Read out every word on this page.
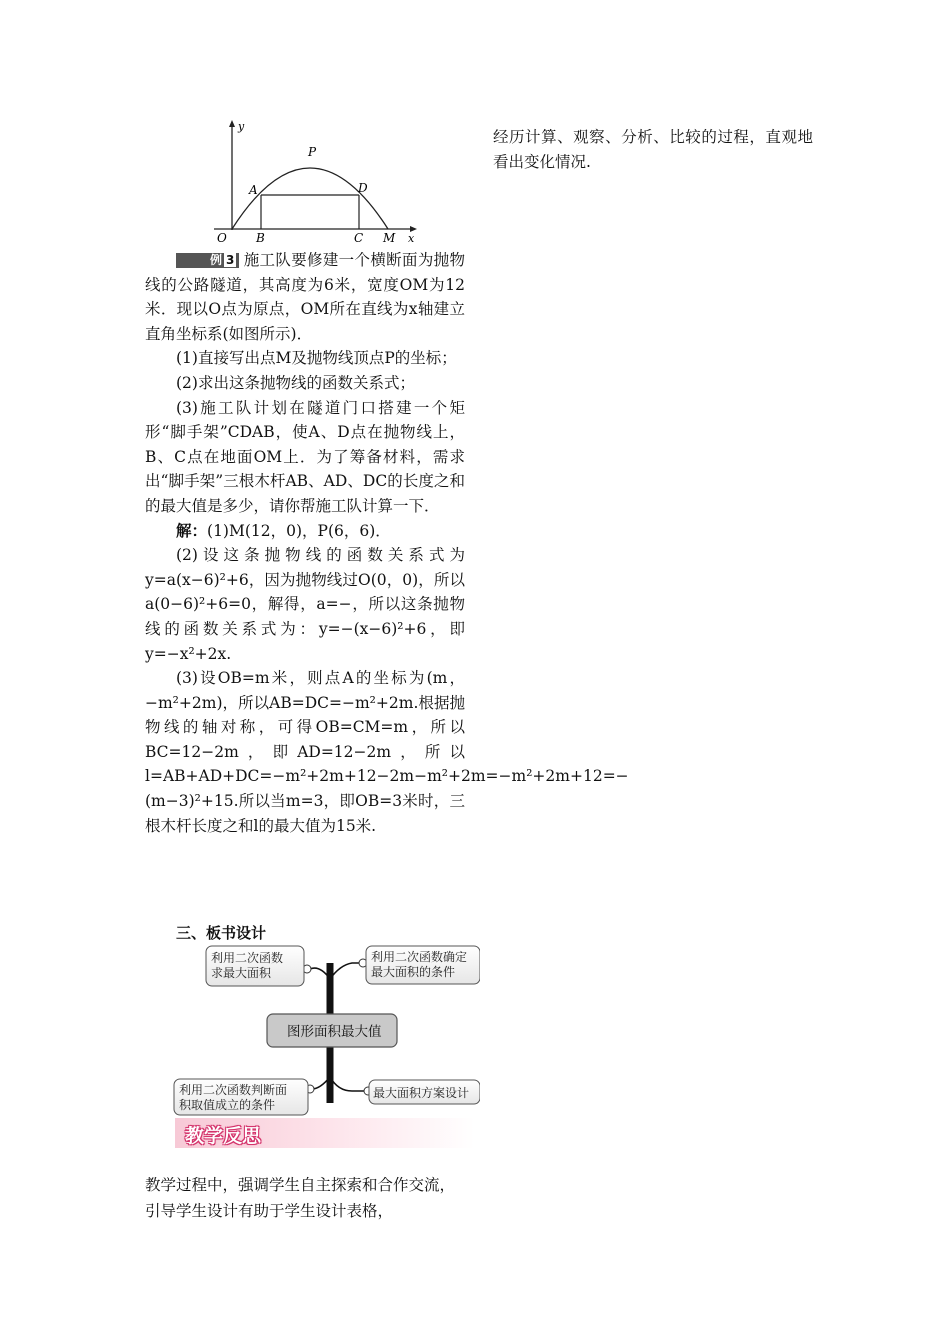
y
P
A	D
O B	C M x

例 3 施工队要修建一个横断面为抛物线的公路隧道，其高度为6米，宽度OM为12米．现以O点为原点，OM所在直线为x轴建立直角坐标系(如图所示)．

(1)直接写出点M及抛物线顶点P的坐标；

(2)求出这条抛物线的函数关系式；

(3)施工队计划在隧道门口搭建一个矩形“脚手架”CDAB，使A、D点在抛物线上，B、C点在地面OM上．为了筹备材料，需求出“脚手架”三根木杆AB、AD、DC的长度之和的最大值是多少，请你帮施工队计算一下．

解：(1)M(12，0)，P(6，6)．

(2)设这条抛物线的函数关系式为y=a(x−6)²+6，因为抛物线过O(0，0)，所以a(0−6)²+6=0，解得，a=−，所以这条抛物线的函数关系式为：y=−(x−6)²+6，即y=−x²+2x.

(3)设OB=m米，则点A的坐标为(m，−m²+2m)，所以AB=DC=−m²+2m.根据抛物线的轴对称，可得OB=CM=m，所以BC=12−2m，即AD=12−2m，所以l=AB+AD+DC=−m²+2m+12−2m−m²+2m=−m²+2m+12=−(m−3)²+15.所以当m=3，即OB=3米时，三根木杆长度之和l的最大值为15米.

三、板书设计
利用二次函数
求最大面积
利用二次函数确定
最大面积的条件
图形面积最大值
利用二次函数判断面
积取值成立的条件
最大面积方案设计
教学反思
教学过程中，强调学生自主探索和合作交流，引导学生设计有助于学生设计表格，

经历计算、观察、分析、比较的过程，直观地看出变化情况.
